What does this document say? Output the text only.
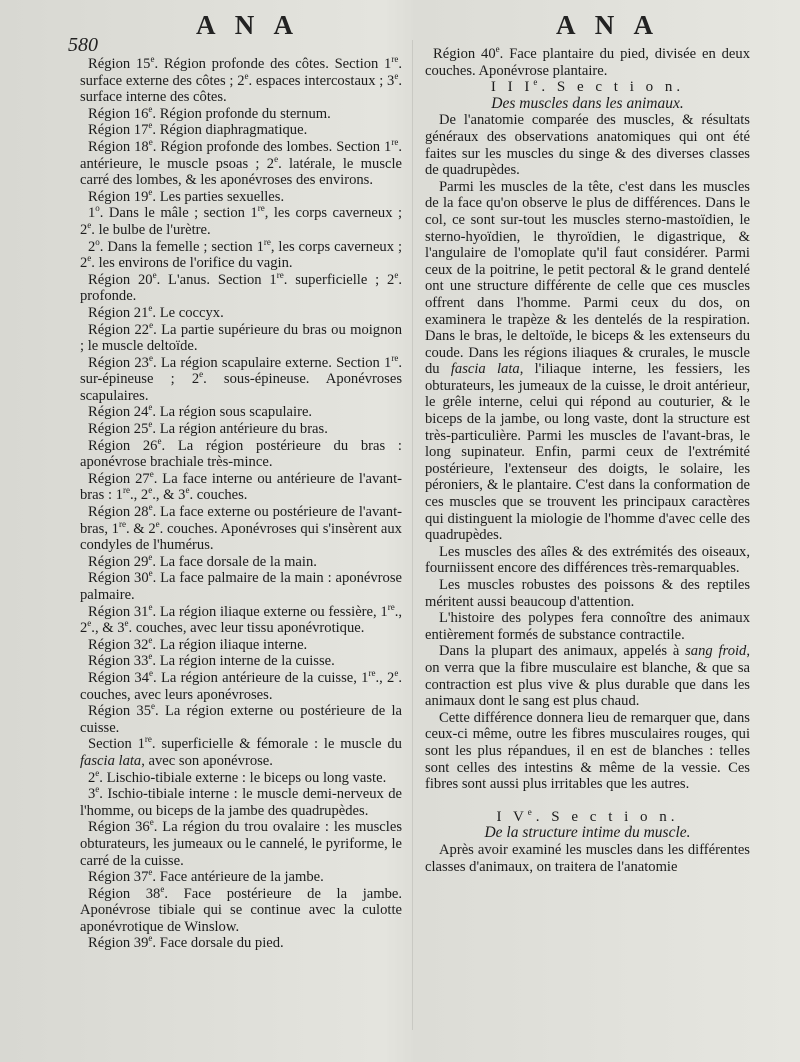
580
A N A	A N A

Région 15e. Région profonde des côtes. Section 1re. surface externe des côtes ; 2e. espaces intercostaux ; 3e. surface interne des côtes.

Région 16e. Région profonde du sternum.

Région 17e. Région diaphragmatique.

Région 18e. Région profonde des lombes. Section 1re. antérieure, le muscle psoas ; 2e. latérale, le muscle carré des lombes, & les aponévroses des environs.

Région 19e. Les parties sexuelles.

1$^o$. Dans le mâle ; section 1re, les corps caverneux ; 2e. le bulbe de l'urètre.

2$^o$. Dans la femelle ; section 1re, les corps caverneux ; 2e. les environs de l'orifice du vagin.

Région 20e. L'anus. Section 1re. superficielle ; 2e. profonde.

Région 21e. Le coccyx.

Région 22e. La partie supérieure du bras ou moignon ; le muscle deltoïde.

Région 23e. La région scapulaire externe. Section 1re. sur-épineuse ; 2e. sous-épineuse. Aponévroses scapulaires.

Région 24e. La région sous scapulaire.

Région 25e. La région antérieure du bras.

Région 26e. La région postérieure du bras : aponévrose brachiale très-mince.

Région 27e. La face interne ou antérieure de l'avant-bras : 1re., 2e., & 3e. couches.

Région 28e. La face externe ou postérieure de l'avant-bras, 1re. & 2e. couches. Aponévroses qui s'insèrent aux condyles de l'humérus.

Région 29e. La face dorsale de la main.

Région 30e. La face palmaire de la main : aponévrose palmaire.

Région 31e. La région iliaque externe ou fessière, 1re., 2e., & 3e. couches, avec leur tissu aponévrotique.

Région 32e. La région iliaque interne.

Région 33e. La région interne de la cuisse.

Région 34e. La région antérieure de la cuisse, 1re., 2e. couches, avec leurs aponévroses.

Région 35e. La région externe ou postérieure de la cuisse.

Section 1re. superficielle & fémorale : le muscle du fascia lata, avec son aponévrose.

2e. Lischio-tibiale externe : le biceps ou long vaste.

3e. Ischio-tibiale interne : le muscle demi-nerveux de l'homme, ou biceps de la jambe des quadrupèdes.

Région 36e. La région du trou ovalaire : les muscles obturateurs, les jumeaux ou le cannelé, le pyriforme, le carré de la cuisse.

Région 37e. Face antérieure de la jambe.

Région 38e. Face postérieure de la jambe. Aponévrose tibiale qui se continue avec la culotte aponévrotique de Winslow.

Région 39e. Face dorsale du pied.

Région 40e. Face plantaire du pied, divisée en deux couches. Aponévrose plantaire.

I I Ie. S e c t i o n.

Des muscles dans les animaux.

De l'anatomie comparée des muscles, & résultats généraux des observations anatomiques qui ont été faites sur les muscles du singe & des diverses classes de quadrupèdes.

Parmi les muscles de la tête, c'est dans les muscles de la face qu'on observe le plus de différences. Dans le col, ce sont sur-tout les muscles sterno-mastoïdien, le sterno-hyoïdien, le thyroïdien, le digastrique, & l'angulaire de l'omoplate qu'il faut considérer. Parmi ceux de la poitrine, le petit pectoral & le grand dentelé ont une structure différente de celle que ces muscles offrent dans l'homme. Parmi ceux du dos, on examinera le trapèze & les dentelés de la respiration. Dans le bras, le deltoïde, le biceps & les extenseurs du coude. Dans les régions iliaques & crurales, le muscle du fascia lata, l'iliaque interne, les fessiers, les obturateurs, les jumeaux de la cuisse, le droit antérieur, le grêle interne, celui qui répond au couturier, & le biceps de la jambe, ou long vaste, dont la structure est très-particulière. Parmi les muscles de l'avant-bras, le long supinateur. Enfin, parmi ceux de l'extrémité postérieure, l'extenseur des doigts, le solaire, les péroniers, & le plantaire. C'est dans la conformation de ces muscles que se trouvent les principaux caractères qui distinguent la miologie de l'homme d'avec celle des quadrupèdes.

Les muscles des aîles & des extrémités des oiseaux, fourniissent encore des différences très-remarquables.

Les muscles robustes des poissons & des reptiles méritent aussi beaucoup d'attention.

L'histoire des polypes fera connoître des animaux entièrement formés de substance contractile.

Dans la plupart des animaux, appelés à sang froid, on verra que la fibre musculaire est blanche, & que sa contraction est plus vive & plus durable que dans les animaux dont le sang est plus chaud.

Cette différence donnera lieu de remarquer que, dans ceux-ci même, outre les fibres musculaires rouges, qui sont les plus répandues, il en est de blanches : telles sont celles des intestins & même de la vessie. Ces fibres sont aussi plus irritables que les autres.

I Ve. S e c t i o n.

De la structure intime du muscle.

Après avoir examiné les muscles dans les différentes classes d'animaux, on traitera de l'anatomie
